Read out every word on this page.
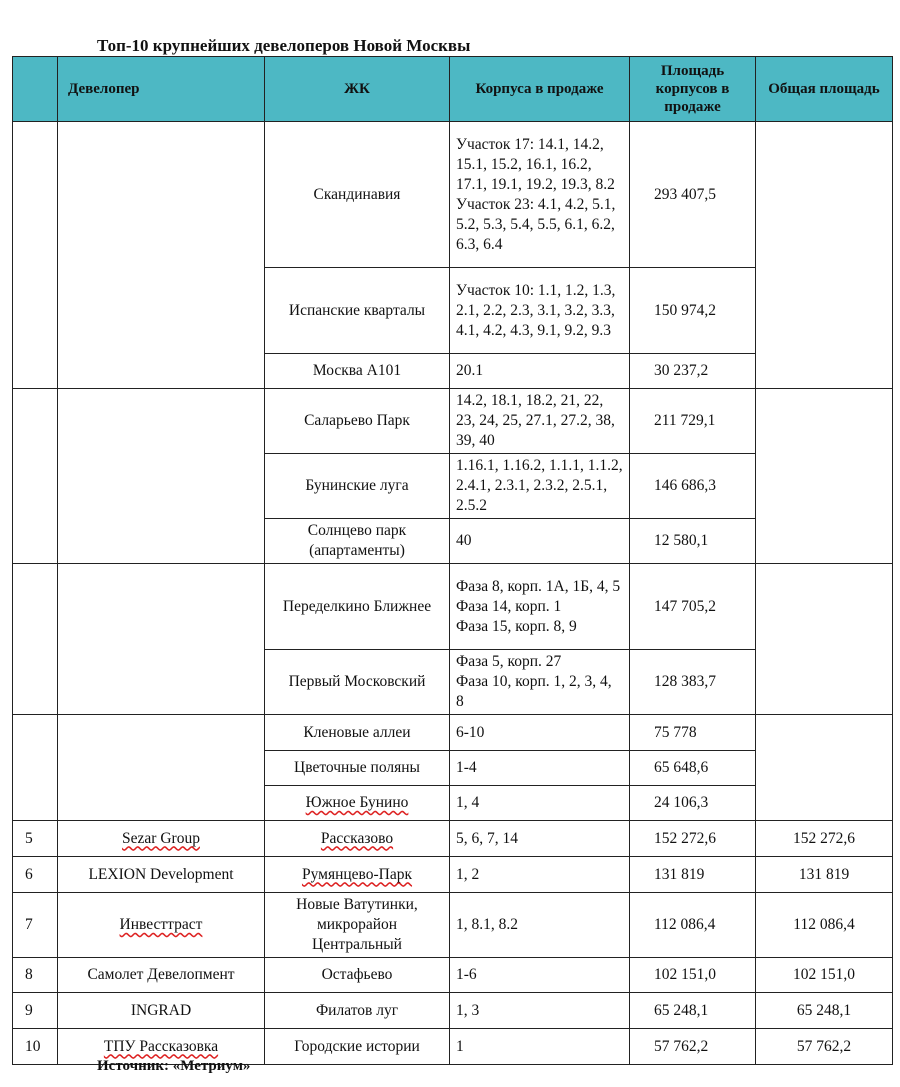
Топ-10 крупнейших девелоперов Новой Москвы
	Девелопер	ЖК	Корпуса в продаже	Площадь корпусов в продаже	Общая площадь
		Скандинавия	Участок 17: 14.1, 14.2, 15.1, 15.2, 16.1, 16.2, 17.1, 19.1, 19.2, 19.3, 8.2
Участок 23: 4.1, 4.2, 5.1, 5.2, 5.3, 5.4, 5.5, 6.1, 6.2, 6.3, 6.4	293 407,5	
		Испанские кварталы	Участок 10: 1.1, 1.2, 1.3, 2.1, 2.2, 2.3, 3.1, 3.2, 3.3, 4.1, 4.2, 4.3, 9.1, 9.2, 9.3	150 974,2	
		Москва А101	20.1	30 237,2	
		Саларьево Парк	14.2, 18.1, 18.2, 21, 22, 23, 24, 25, 27.1, 27.2, 38, 39, 40	211 729,1	
		Бунинские луга	1.16.1, 1.16.2, 1.1.1, 1.1.2, 2.4.1, 2.3.1, 2.3.2, 2.5.1, 2.5.2	146 686,3	
		Солнцево парк (апартаменты)	40	12 580,1	
		Переделкино Ближнее	Фаза 8, корп. 1А, 1Б, 4, 5
Фаза 14, корп. 1
Фаза 15, корп. 8, 9	147 705,2	
		Первый Московский	Фаза 5, корп. 27
Фаза 10, корп. 1, 2, 3, 4, 8	128 383,7	
		Кленовые аллеи	6-10	75 778	
		Цветочные поляны	1-4	65 648,6	
		Южное Бунино	1, 4	24 106,3	
5	Sezar Group	Рассказово	5, 6, 7, 14	152 272,6	152 272,6
6	LEXION Development	Румянцево-Парк	1, 2	131 819	131 819
7	Инвесттраст	Новые Ватутинки, микрорайон Центральный	1, 8.1, 8.2	112 086,4	112 086,4
8	Самолет Девелопмент	Остафьево	1-6	102 151,0	102 151,0
9	INGRAD	Филатов луг	1, 3	65 248,1	65 248,1
10	ТПУ Рассказовка	Городские истории	1	57 762,2	57 762,2
Источник: «Метриум»
